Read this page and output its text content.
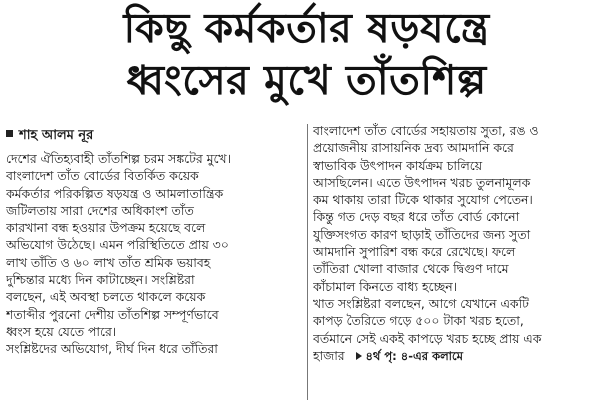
কিছু কর্মকর্তার ষড়যন্ত্রে
ধ্বংসের মুখে তাঁতশিল্প
শাহ আলম নূর
দেশের ঐতিহ্যবাহী তাঁতশিল্প চরম সঙ্কটের মুখে।
বাংলাদেশ তাঁত বোর্ডের বিতর্কিত কয়েক
কর্মকর্তার পরিকল্পিত ষড়যন্ত্র ও আমলাতান্ত্রিক
জটিলতায় সারা দেশের অধিকাংশ তাঁত
কারখানা বন্ধ হওয়ার উপক্রম হয়েছে বলে
অভিযোগ উঠেছে। এমন পরিস্থিতিতে প্রায় ৩০
লাখ তাঁতি ও ৬০ লাখ তাঁত শ্রমিক ভয়াবহ
দুশ্চিন্তার মধ্যে দিন কাটাচ্ছেন। সংশ্লিষ্টরা
বলছেন, এই অবস্থা চলতে থাকলে কয়েক
শতাব্দীর পুরনো দেশীয় তাঁতশিল্প সম্পূর্ণভাবে
ধ্বংস হয়ে যেতে পারে।
সংশ্লিষ্টদের অভিযোগ, দীর্ঘ দিন ধরে তাঁতিরা
বাংলাদেশ তাঁত বোর্ডের সহায়তায় সুতা, রঙ ও
প্রয়োজনীয় রাসায়নিক দ্রব্য আমদানি করে
স্বাভাবিক উৎপাদন কার্যক্রম চালিয়ে
আসছিলেন। এতে উৎপাদন খরচ তুলনামূলক
কম থাকায় তারা টিকে থাকার সুযোগ পেতেন।
কিন্তু গত দেড় বছর ধরে তাঁত বোর্ড কোনো
যুক্তিসংগত কারণ ছাড়াই তাঁতিদের জন্য সুতা
আমদানি সুপারিশ বন্ধ করে রেখেছে। ফলে
তাঁতিরা খোলা বাজার থেকে দ্বিগুণ দামে
কাঁচামাল কিনতে বাধ্য হচ্ছেন।
খাত সংশ্লিষ্টরা বলছেন, আগে যেখানে একটি
কাপড় তৈরিতে গড়ে ৫০০ টাকা খরচ হতো,
বর্তমানে সেই একই কাপড়ে খরচ হচ্ছে প্রায় এক
হাজার ৪র্থ পৃ: ৪-এর কলামে
